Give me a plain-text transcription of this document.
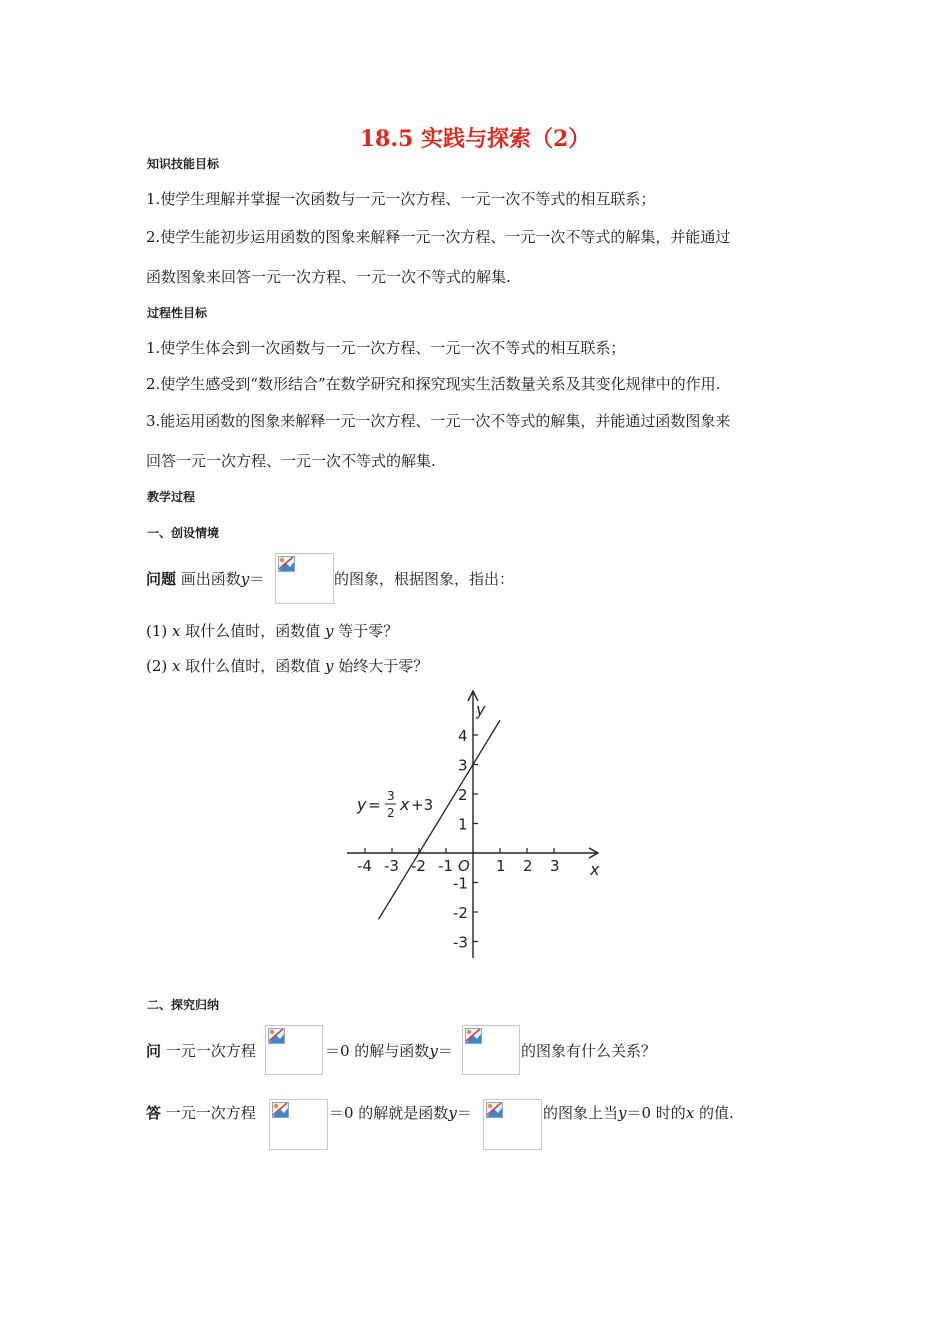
18.5 实践与探索（2）
知识技能目标
1.使学生理解并掌握一次函数与一元一次方程、一元一次不等式的相互联系；
2.使学生能初步运用函数的图象来解释一元一次方程、一元一次不等式的解集，并能通过
函数图象来回答一元一次方程、一元一次不等式的解集.
过程性目标
1.使学生体会到一次函数与一元一次方程、一元一次不等式的相互联系；
2.使学生感受到“数形结合”在数学研究和探究现实生活数量关系及其变化规律中的作用.
3.能运用函数的图象来解释一元一次方程、一元一次不等式的解集，并能通过函数图象来
回答一元一次方程、一元一次不等式的解集.
教学过程
一、创设情境
问题 画出函数y＝	的图象，根据图象，指出：
(1) x 取什么值时，函数值 y 等于零？
(2) x 取什么值时，函数值 y 始终大于零？
-4 -3 -2 -1	1 2 3
4
3
2
1
-1
-2
-3
x
y
O
y = 3
2 x +3
二、探究归纳
问 一元一次方程	＝0 的解与函数y＝	的图象有什么关系？
答 一元一次方程	＝0 的解就是函数y＝	的图象上当y＝0 时的x 的值.
